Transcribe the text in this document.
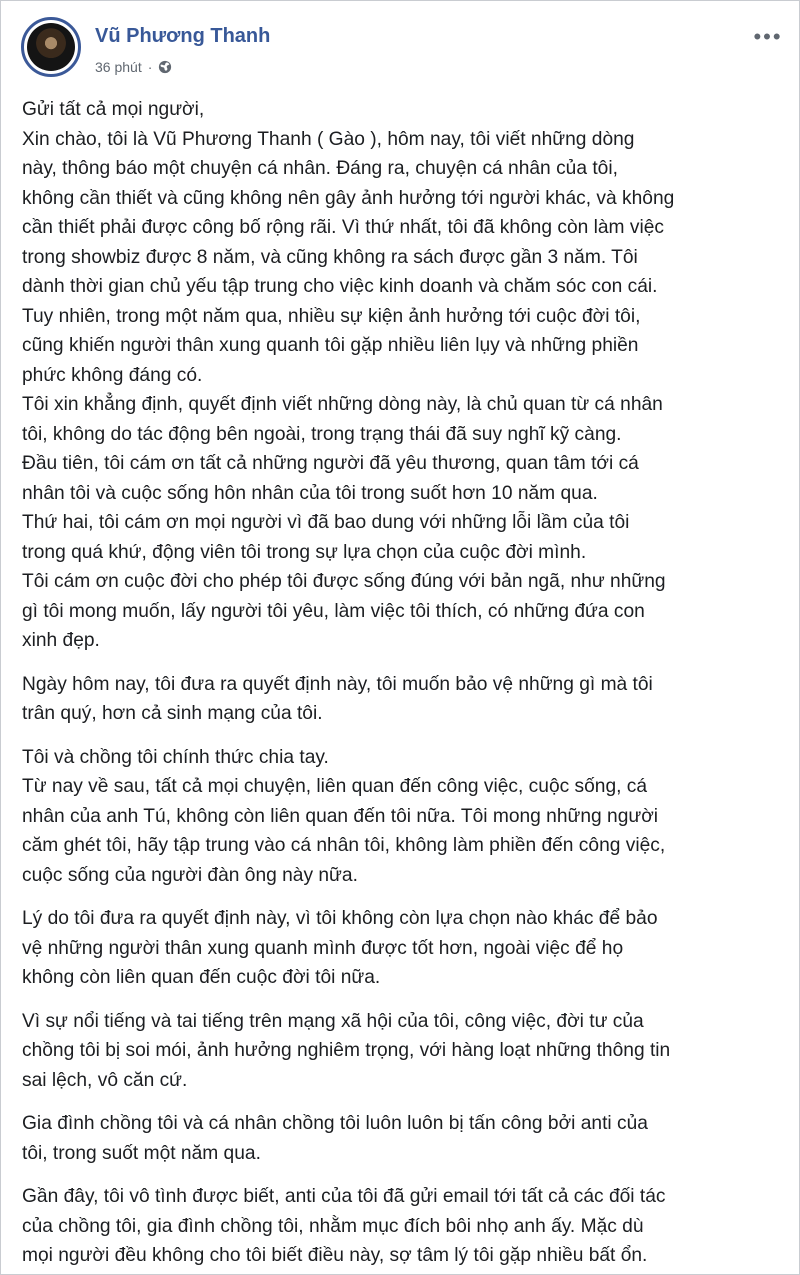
Vũ Phương Thanh
36 phút ·
•••

Gửi tất cả mọi người,
Xin chào, tôi là Vũ Phương Thanh ( Gào ), hôm nay, tôi viết những dòng
này, thông báo một chuyện cá nhân. Đáng ra, chuyện cá nhân của tôi,
không cần thiết và cũng không nên gây ảnh hưởng tới người khác, và không
cần thiết phải được công bố rộng rãi. Vì thứ nhất, tôi đã không còn làm việc
trong showbiz được 8 năm, và cũng không ra sách được gần 3 năm. Tôi
dành thời gian chủ yếu tập trung cho việc kinh doanh và chăm sóc con cái.
Tuy nhiên, trong một năm qua, nhiều sự kiện ảnh hưởng tới cuộc đời tôi,
cũng khiến người thân xung quanh tôi gặp nhiều liên lụy và những phiền
phức không đáng có.
Tôi xin khẳng định, quyết định viết những dòng này, là chủ quan từ cá nhân
tôi, không do tác động bên ngoài, trong trạng thái đã suy nghĩ kỹ càng.
Đầu tiên, tôi cám ơn tất cả những người đã yêu thương, quan tâm tới cá
nhân tôi và cuộc sống hôn nhân của tôi trong suốt hơn 10 năm qua.
Thứ hai, tôi cám ơn mọi người vì đã bao dung với những lỗi lầm của tôi
trong quá khứ, động viên tôi trong sự lựa chọn của cuộc đời mình.
Tôi cám ơn cuộc đời cho phép tôi được sống đúng với bản ngã, như những
gì tôi mong muốn, lấy người tôi yêu, làm việc tôi thích, có những đứa con
xinh đẹp.

Ngày hôm nay, tôi đưa ra quyết định này, tôi muốn bảo vệ những gì mà tôi
trân quý, hơn cả sinh mạng của tôi.

Tôi và chồng tôi chính thức chia tay.
Từ nay về sau, tất cả mọi chuyện, liên quan đến công việc, cuộc sống, cá
nhân của anh Tú, không còn liên quan đến tôi nữa. Tôi mong những người
căm ghét tôi, hãy tập trung vào cá nhân tôi, không làm phiền đến công việc,
cuộc sống của người đàn ông này nữa.

Lý do tôi đưa ra quyết định này, vì tôi không còn lựa chọn nào khác để bảo
vệ những người thân xung quanh mình được tốt hơn, ngoài việc để họ
không còn liên quan đến cuộc đời tôi nữa.

Vì sự nổi tiếng và tai tiếng trên mạng xã hội của tôi, công việc, đời tư của
chồng tôi bị soi mói, ảnh hưởng nghiêm trọng, với hàng loạt những thông tin
sai lệch, vô căn cứ.

Gia đình chồng tôi và cá nhân chồng tôi luôn luôn bị tấn công bởi anti của
tôi, trong suốt một năm qua.

Gần đây, tôi vô tình được biết, anti của tôi đã gửi email tới tất cả các đối tác
của chồng tôi, gia đình chồng tôi, nhằm mục đích bôi nhọ anh ấy. Mặc dù
mọi người đều không cho tôi biết điều này, sợ tâm lý tôi gặp nhiều bất ổn.
